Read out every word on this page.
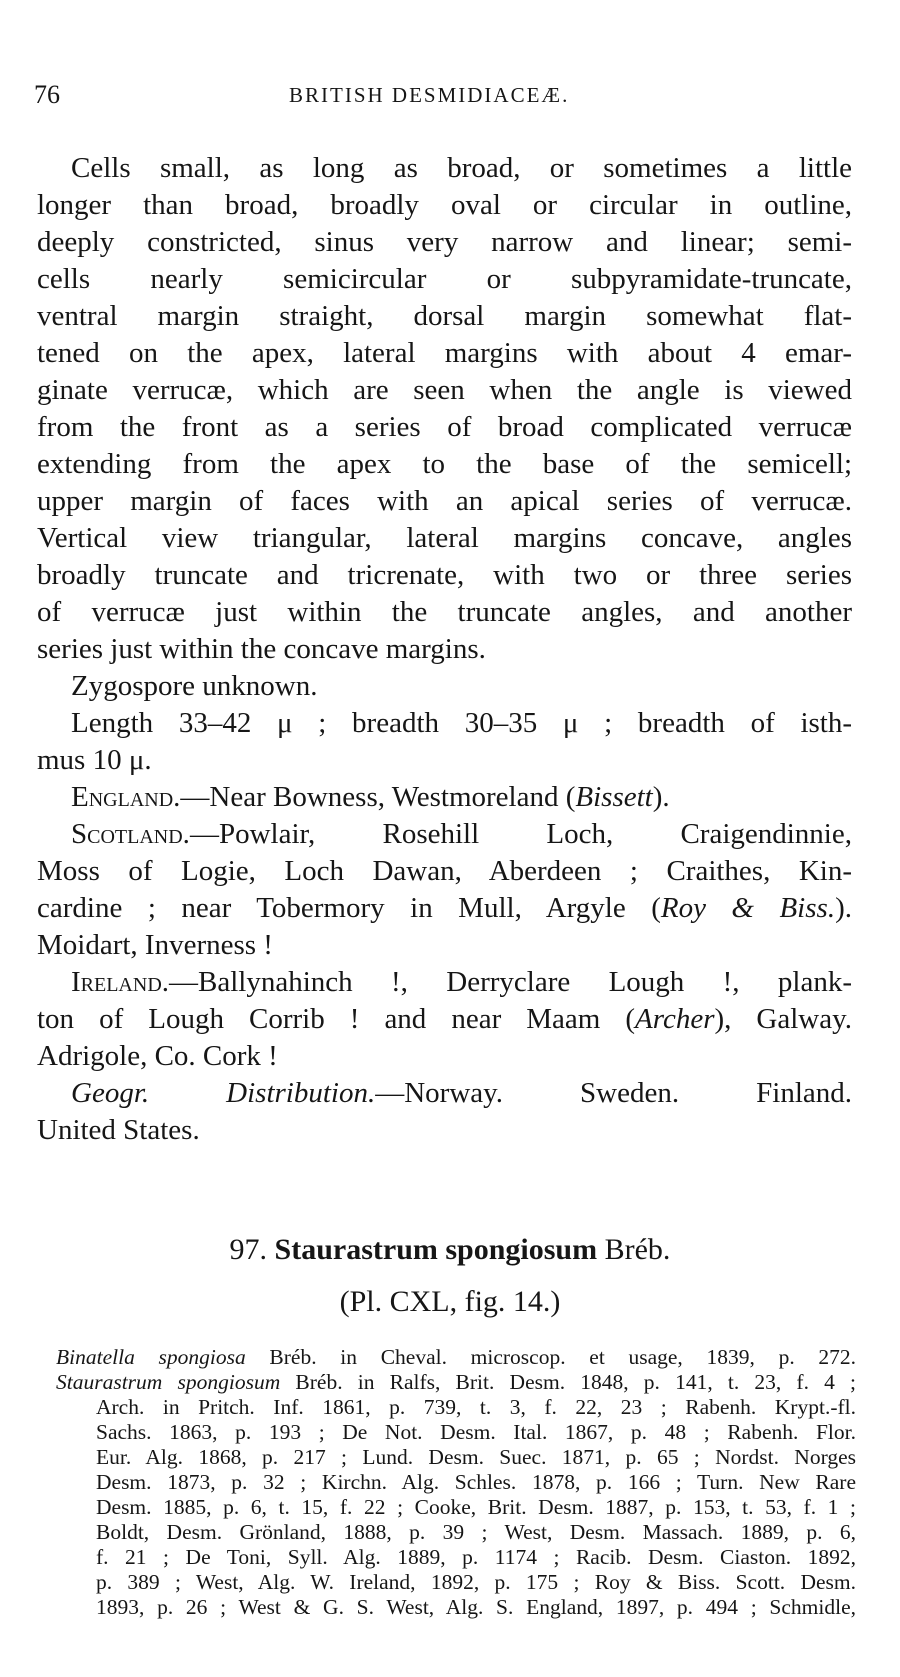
76	BRITISH DESMIDIACEÆ.
Cells small, as long as broad, or sometimes a little
longer than broad, broadly oval or circular in outline,
deeply constricted, sinus very narrow and linear; semi-
cells nearly semicircular or subpyramidate-truncate,
ventral margin straight, dorsal margin somewhat flat-
tened on the apex, lateral margins with about 4 emar-
ginate verrucæ, which are seen when the angle is viewed
from the front as a series of broad complicated verrucæ
extending from the apex to the base of the semicell;
upper margin of faces with an apical series of verrucæ.
Vertical view triangular, lateral margins concave, angles
broadly truncate and tricrenate, with two or three series
of verrucæ just within the truncate angles, and another
series just within the concave margins.
Zygospore unknown.
Length 33–42 μ ; breadth 30–35 μ ; breadth of isth-
mus 10 μ.
England.—Near Bowness, Westmoreland (Bissett).
Scotland.—Powlair, Rosehill Loch, Craigendinnie,
Moss of Logie, Loch Dawan, Aberdeen ; Craithes, Kin-
cardine ; near Tobermory in Mull, Argyle (Roy & Biss.).
Moidart, Inverness !
Ireland.—Ballynahinch !, Derryclare Lough !, plank-
ton of Lough Corrib ! and near Maam (Archer), Galway.
Adrigole, Co. Cork !
Geogr. Distribution.—Norway. Sweden. Finland.
United States.
97. Staurastrum spongiosum Bréb.
(Pl. CXL, fig. 14.)
Binatella spongiosa Bréb. in Cheval. microscop. et usage, 1839, p. 272.
Staurastrum spongiosum Bréb. in Ralfs, Brit. Desm. 1848, p. 141, t. 23, f. 4 ;
Arch. in Pritch. Inf. 1861, p. 739, t. 3, f. 22, 23 ; Rabenh. Krypt.-fl.
Sachs. 1863, p. 193 ; De Not. Desm. Ital. 1867, p. 48 ; Rabenh. Flor.
Eur. Alg. 1868, p. 217 ; Lund. Desm. Suec. 1871, p. 65 ; Nordst. Norges
Desm. 1873, p. 32 ; Kirchn. Alg. Schles. 1878, p. 166 ; Turn. New Rare
Desm. 1885, p. 6, t. 15, f. 22 ; Cooke, Brit. Desm. 1887, p. 153, t. 53, f. 1 ;
Boldt, Desm. Grönland, 1888, p. 39 ; West, Desm. Massach. 1889, p. 6,
f. 21 ; De Toni, Syll. Alg. 1889, p. 1174 ; Racib. Desm. Ciaston. 1892,
p. 389 ; West, Alg. W. Ireland, 1892, p. 175 ; Roy & Biss. Scott. Desm.
1893, p. 26 ; West & G. S. West, Alg. S. England, 1897, p. 494 ; Schmidle,
